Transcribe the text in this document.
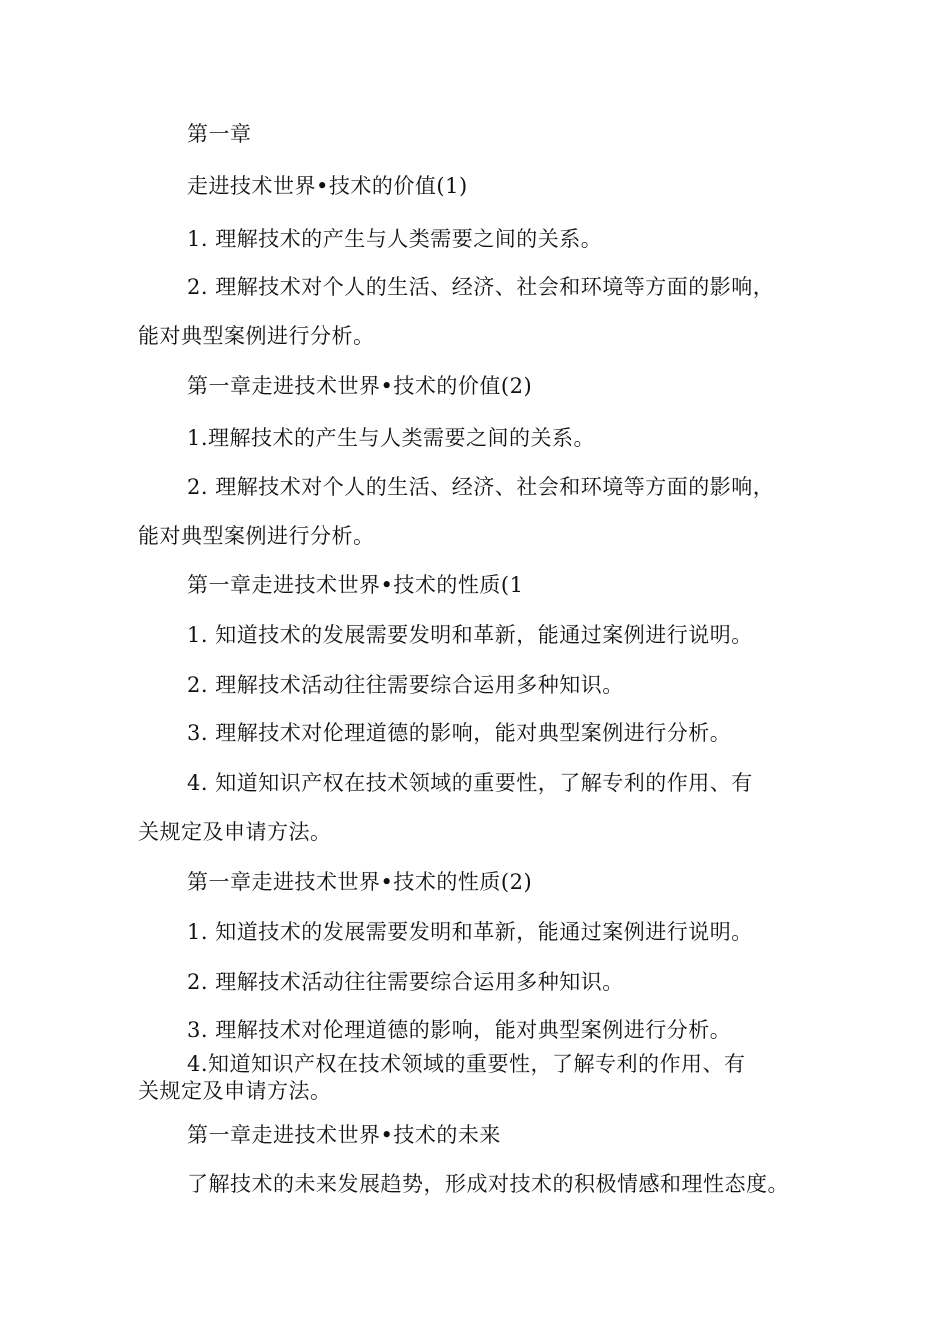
第一章
走进技术世界•技术的价值(1)
1. 理解技术的产生与人类需要之间的关系。
2. 理解技术对个人的生活、经济、社会和环境等方面的影响，
能对典型案例进行分析。
第一章走进技术世界•技术的价值(2)
1.理解技术的产生与人类需要之间的关系。
2. 理解技术对个人的生活、经济、社会和环境等方面的影响，
能对典型案例进行分析。
第一章走进技术世界•技术的性质(1
1. 知道技术的发展需要发明和革新，能通过案例进行说明。
2. 理解技术活动往往需要综合运用多种知识。
3. 理解技术对伦理道德的影响，能对典型案例进行分析。
4. 知道知识产权在技术领域的重要性，了解专利的作用、有
关规定及申请方法。
第一章走进技术世界•技术的性质(2)
1. 知道技术的发展需要发明和革新，能通过案例进行说明。
2. 理解技术活动往往需要综合运用多种知识。
3. 理解技术对伦理道德的影响，能对典型案例进行分析。
4.知道知识产权在技术领域的重要性，了解专利的作用、有
关规定及申请方法。
第一章走进技术世界•技术的未来
了解技术的未来发展趋势，形成对技术的积极情感和理性态度。
